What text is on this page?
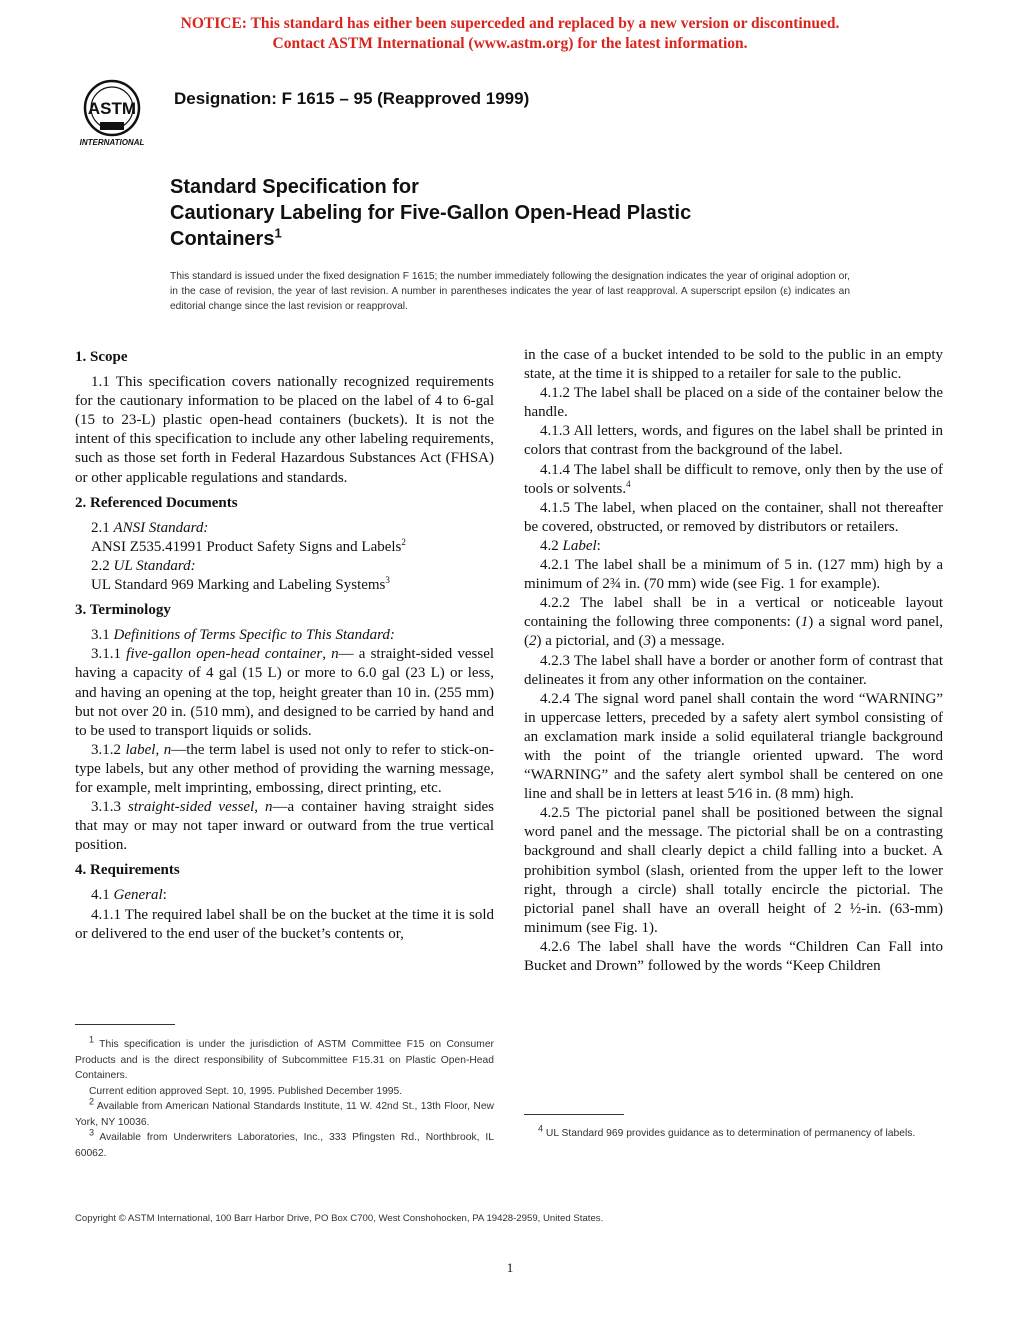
NOTICE: This standard has either been superceded and replaced by a new version or discontinued.
Contact ASTM International (www.astm.org) for the latest information.
ASTM
INTERNATIONAL
Designation: F 1615 – 95 (Reapproved 1999)
Standard Specification for
Cautionary Labeling for Five-Gallon Open-Head Plastic
Containers$^1$
This standard is issued under the fixed designation F 1615; the number immediately following the designation indicates the year of original adoption or, in the case of revision, the year of last revision. A number in parentheses indicates the year of last reapproval. A superscript epsilon (ε) indicates an editorial change since the last revision or reapproval.
1. Scope

1.1 This specification covers nationally recognized requirements for the cautionary information to be placed on the label of 4 to 6-gal (15 to 23-L) plastic open-head containers (buckets). It is not the intent of this specification to include any other labeling requirements, such as those set forth in Federal Hazardous Substances Act (FHSA) or other applicable regulations and standards.

2. Referenced Documents

2.1 ANSI Standard:

ANSI Z535.41991 Product Safety Signs and Labels$^2$

2.2 UL Standard:

UL Standard 969 Marking and Labeling Systems$^3$

3. Terminology

3.1 Definitions of Terms Specific to This Standard:

3.1.1 five-gallon open-head container, n— a straight-sided vessel having a capacity of 4 gal (15 L) or more to 6.0 gal (23 L) or less, and having an opening at the top, height greater than 10 in. (255 mm) but not over 20 in. (510 mm), and designed to be carried by hand and to be used to transport liquids or solids.

3.1.2 label, n—the term label is used not only to refer to stick-on-type labels, but any other method of providing the warning message, for example, melt imprinting, embossing, direct printing, etc.

3.1.3 straight-sided vessel, n—a container having straight sides that may or may not taper inward or outward from the true vertical position.

4. Requirements

4.1 General:

4.1.1 The required label shall be on the bucket at the time it is sold or delivered to the end user of the bucket’s contents or,

$^1$ This specification is under the jurisdiction of ASTM Committee F15 on Consumer Products and is the direct responsibility of Subcommittee F15.31 on Plastic Open-Head Containers.

Current edition approved Sept. 10, 1995. Published December 1995.

$^2$ Available from American National Standards Institute, 11 W. 42nd St., 13th Floor, New York, NY 10036.

$^3$ Available from Underwriters Laboratories, Inc., 333 Pfingsten Rd., Northbrook, IL 60062.

in the case of a bucket intended to be sold to the public in an empty state, at the time it is shipped to a retailer for sale to the public.

4.1.2 The label shall be placed on a side of the container below the handle.

4.1.3 All letters, words, and figures on the label shall be printed in colors that contrast from the background of the label.

4.1.4 The label shall be difficult to remove, only then by the use of tools or solvents.$^4$

4.1.5 The label, when placed on the container, shall not thereafter be covered, obstructed, or removed by distributors or retailers.

4.2 Label:

4.2.1 The label shall be a minimum of 5 in. (127 mm) high by a minimum of 2¾ in. (70 mm) wide (see Fig. 1 for example).

4.2.2 The label shall be in a vertical or noticeable layout containing the following three components: (1) a signal word panel, (2) a pictorial, and (3) a message.

4.2.3 The label shall have a border or another form of contrast that delineates it from any other information on the container.

4.2.4 The signal word panel shall contain the word “WARNING” in uppercase letters, preceded by a safety alert symbol consisting of an exclamation mark inside a solid equilateral triangle background with the point of the triangle oriented upward. The word “WARNING” and the safety alert symbol shall be centered on one line and shall be in letters at least 5⁄16 in. (8 mm) high.

4.2.5 The pictorial panel shall be positioned between the signal word panel and the message. The pictorial shall be on a contrasting background and shall clearly depict a child falling into a bucket. A prohibition symbol (slash, oriented from the upper left to the lower right, through a circle) shall totally encircle the pictorial. The pictorial panel shall have an overall height of 2 ½-in. (63-mm) minimum (see Fig. 1).

4.2.6 The label shall have the words “Children Can Fall into Bucket and Drown” followed by the words “Keep Children

$^4$ UL Standard 969 provides guidance as to determination of permanency of labels.

Copyright © ASTM International, 100 Barr Harbor Drive, PO Box C700, West Conshohocken, PA 19428-2959, United States.
1
